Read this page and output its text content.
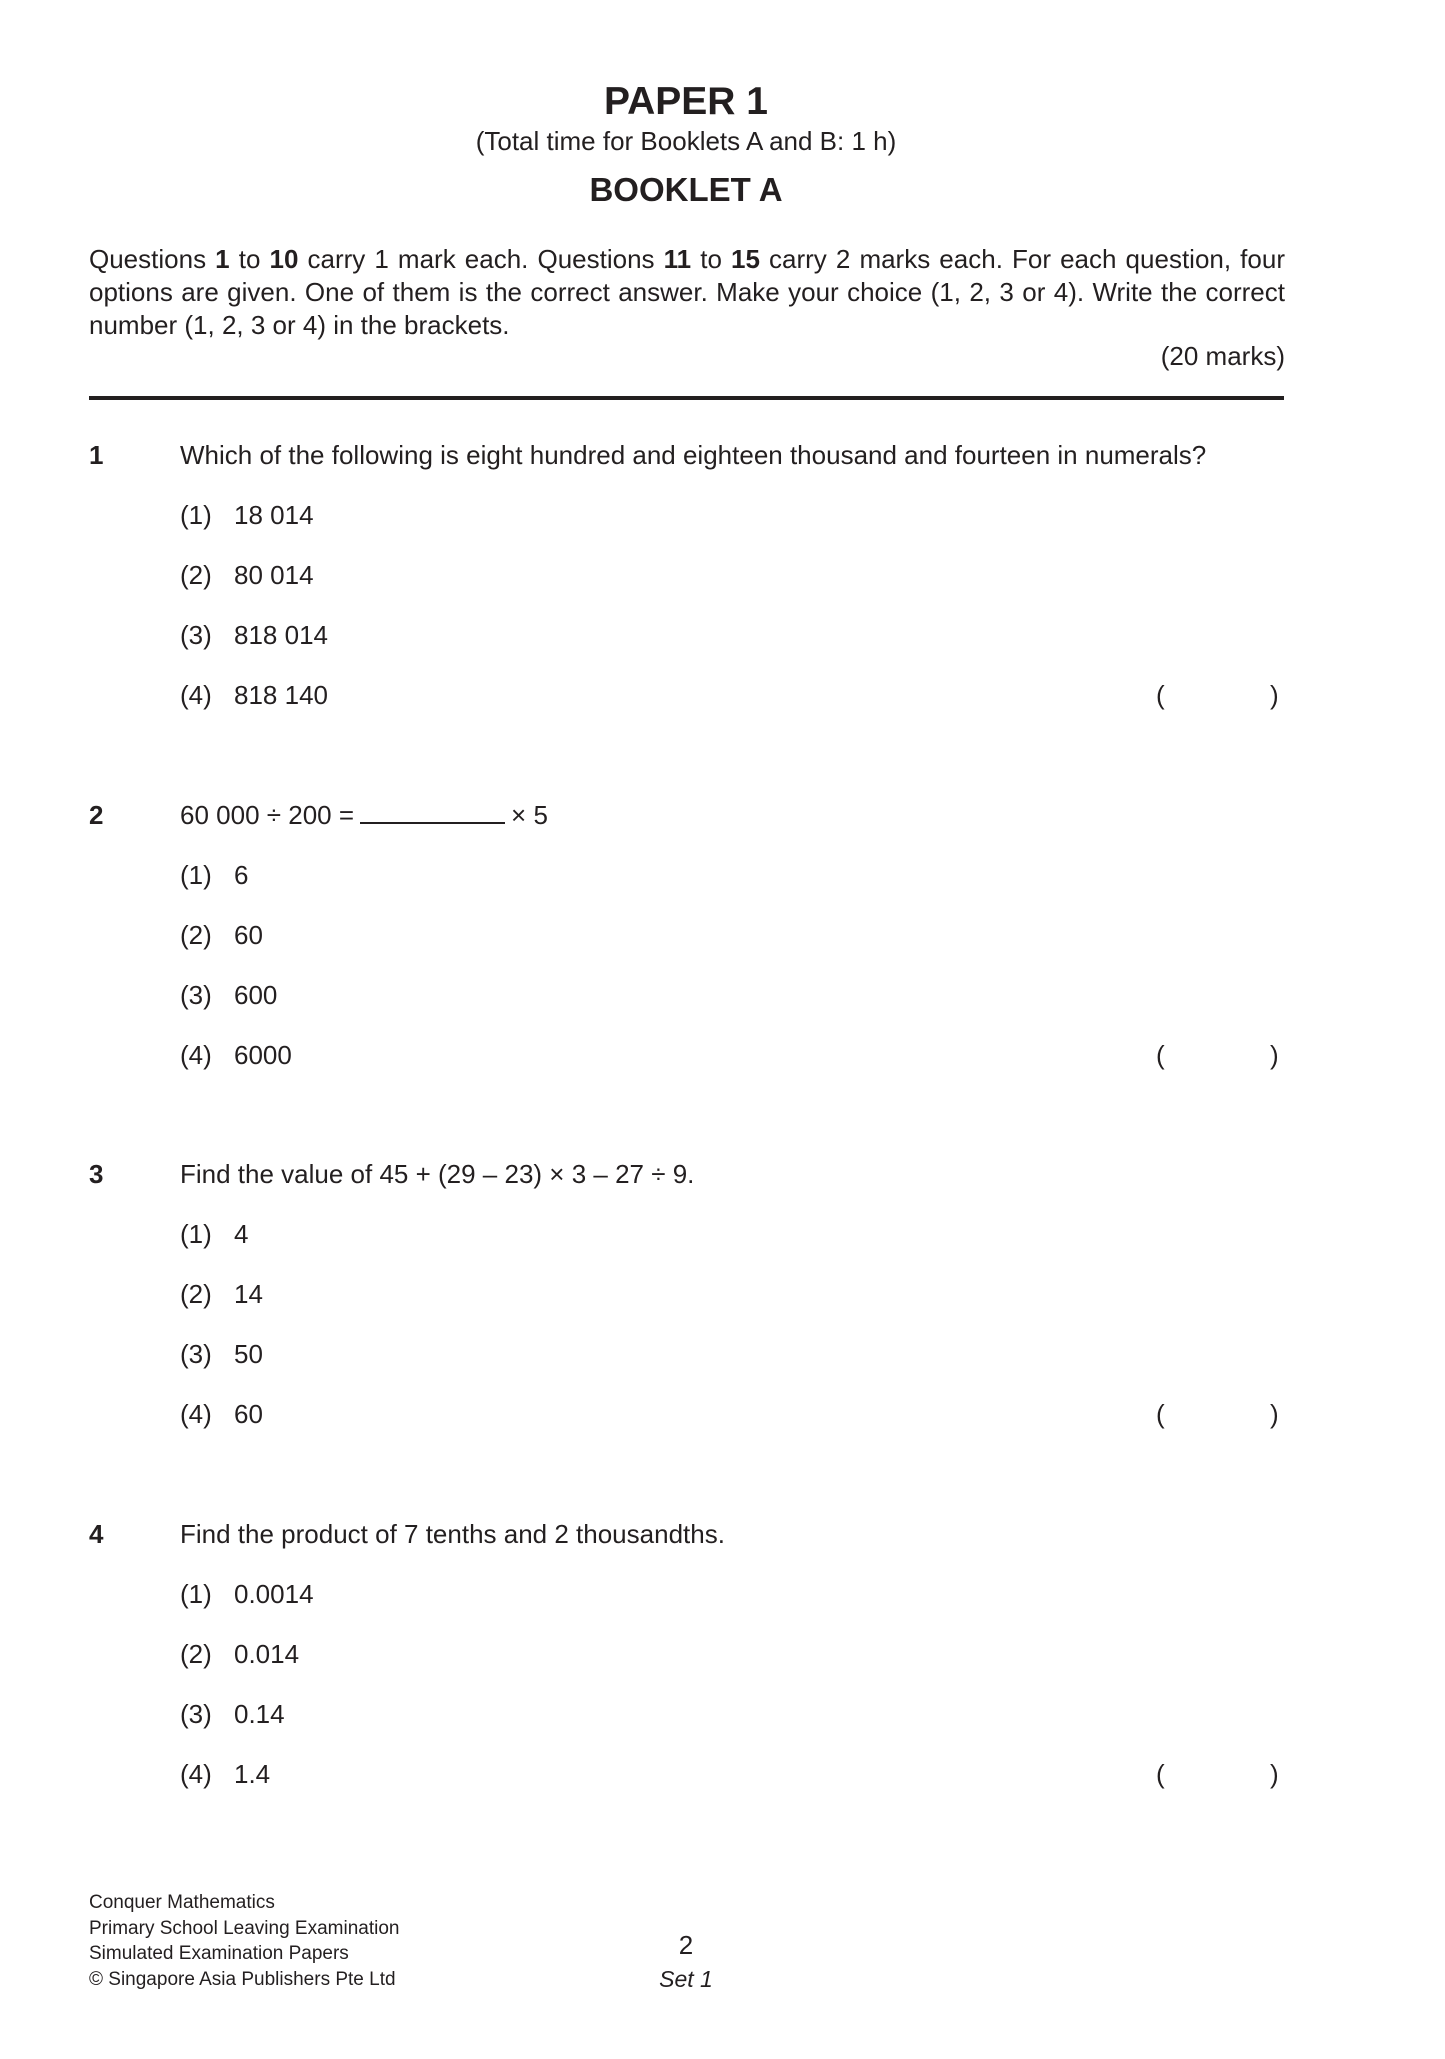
PAPER 1
(Total time for Booklets A and B: 1 h)
BOOKLET A
Questions 1 to 10 carry 1 mark each. Questions 11 to 15 carry 2 marks each. For each question, four options are given. One of them is the correct answer. Make your choice (1, 2, 3 or 4). Write the correct number (1, 2, 3 or 4) in the brackets.
(20 marks)
1	Which of the following is eight hundred and eighteen thousand and fourteen in numerals?
(1) 18 014
(2) 80 014
(3) 818 014
(4) 818 140	(	)
2	60 000 ÷ 200 =	× 5
(1) 6
(2) 60
(3) 600
(4) 6000	(	)
3	Find the value of 45 + (29 – 23) × 3 – 27 ÷ 9.
(1) 4
(2) 14
(3) 50
(4) 60	(	)
4	Find the product of 7 tenths and 2 thousandths.
(1) 0.0014
(2) 0.014
(3) 0.14
(4) 1.4	(	)
Conquer Mathematics
Primary School Leaving Examination
Simulated Examination Papers
© Singapore Asia Publishers Pte Ltd
2
Set 1
